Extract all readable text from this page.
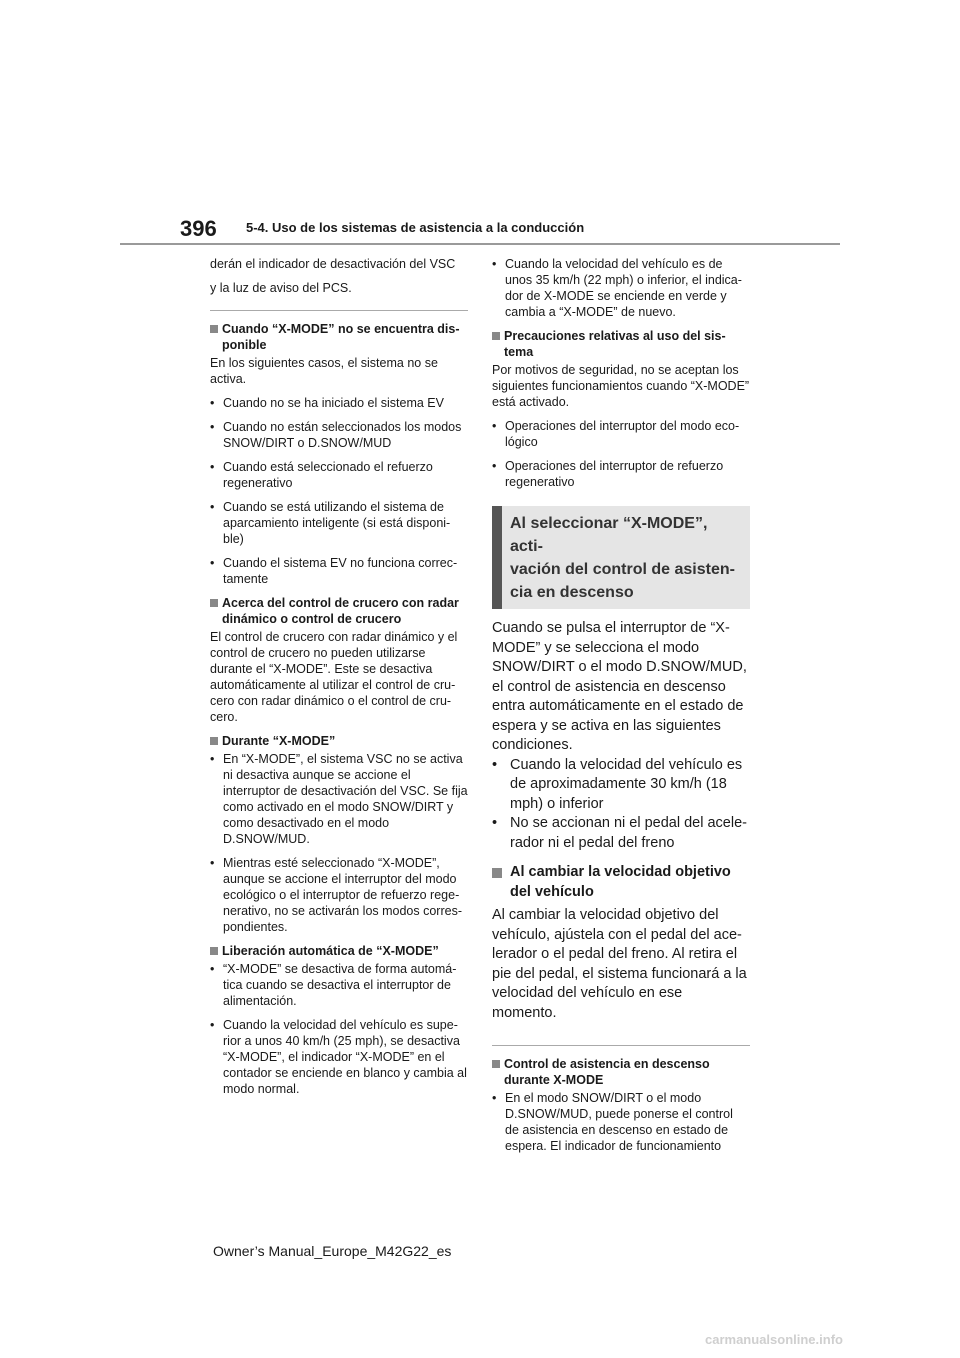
396 5-4. Uso de los sistemas de asistencia a la conducción

derán el indicador de desactivación del VSC

y la luz de aviso del PCS.

Cuando “X-MODE” no se encuentra dis-ponible

En los siguientes casos, el sistema no se activa.

• Cuando no se ha iniciado el sistema EV
• Cuando no están seleccionados los modos SNOW/DIRT o D.SNOW/MUD
• Cuando está seleccionado el refuerzo regenerativo
• Cuando se está utilizando el sistema de aparcamiento inteligente (si está disponi-ble)
• Cuando el sistema EV no funciona correc-tamente
Acerca del control de crucero con radar dinámico o control de crucero

El control de crucero con radar dinámico y el control de crucero no pueden utilizarse durante el “X-MODE”. Este se desactiva automáticamente al utilizar el control de cru-cero con radar dinámico o el control de cru-cero.

Durante “X-MODE”
• En “X-MODE”, el sistema VSC no se activa ni desactiva aunque se accione el interruptor de desactivación del VSC. Se fija como activado en el modo SNOW/DIRT y como desactivado en el modo D.SNOW/MUD.
• Mientras esté seleccionado “X-MODE”, aunque se accione el interruptor del modo ecológico o el interruptor de refuerzo rege-nerativo, no se activarán los modos corres-pondientes.
Liberación automática de “X-MODE”
• “X-MODE” se desactiva de forma automá-tica cuando se desactiva el interruptor de alimentación.
• Cuando la velocidad del vehículo es supe-rior a unos 40 km/h (25 mph), se desactiva “X-MODE”, el indicador “X-MODE” en el contador se enciende en blanco y cambia al modo normal.
• Cuando la velocidad del vehículo es de unos 35 km/h (22 mph) o inferior, el indica-dor de X-MODE se enciende en verde y cambia a “X-MODE” de nuevo.
Precauciones relativas al uso del sis-tema

Por motivos de seguridad, no se aceptan los siguientes funcionamientos cuando “X-MODE” está activado.

• Operaciones del interruptor del modo eco-lógico
• Operaciones del interruptor de refuerzo regenerativo
Al seleccionar “X-MODE”, acti-
vación del control de asisten-
cia en descenso

Cuando se pulsa el interruptor de “X-MODE” y se selecciona el modo SNOW/DIRT o el modo D.SNOW/MUD, el control de asistencia en descenso entra automáticamente en el estado de espera y se activa en las siguientes condiciones.

• Cuando la velocidad del vehículo es de aproximadamente 30 km/h (18 mph) o inferior
• No se accionan ni el pedal del acele-rador ni el pedal del freno
Al cambiar la velocidad objetivo del vehículo

Al cambiar la velocidad objetivo del vehículo, ajústela con el pedal del ace-lerador o el pedal del freno. Al retira el pie del pedal, el sistema funcionará a la velocidad del vehículo en ese momento.

Control de asistencia en descenso durante X-MODE
• En el modo SNOW/DIRT o el modo D.SNOW/MUD, puede ponerse el control de asistencia en descenso en estado de espera. El indicador de funcionamiento
Owner’s Manual_Europe_M42G22_es
carmanualsonline.info
